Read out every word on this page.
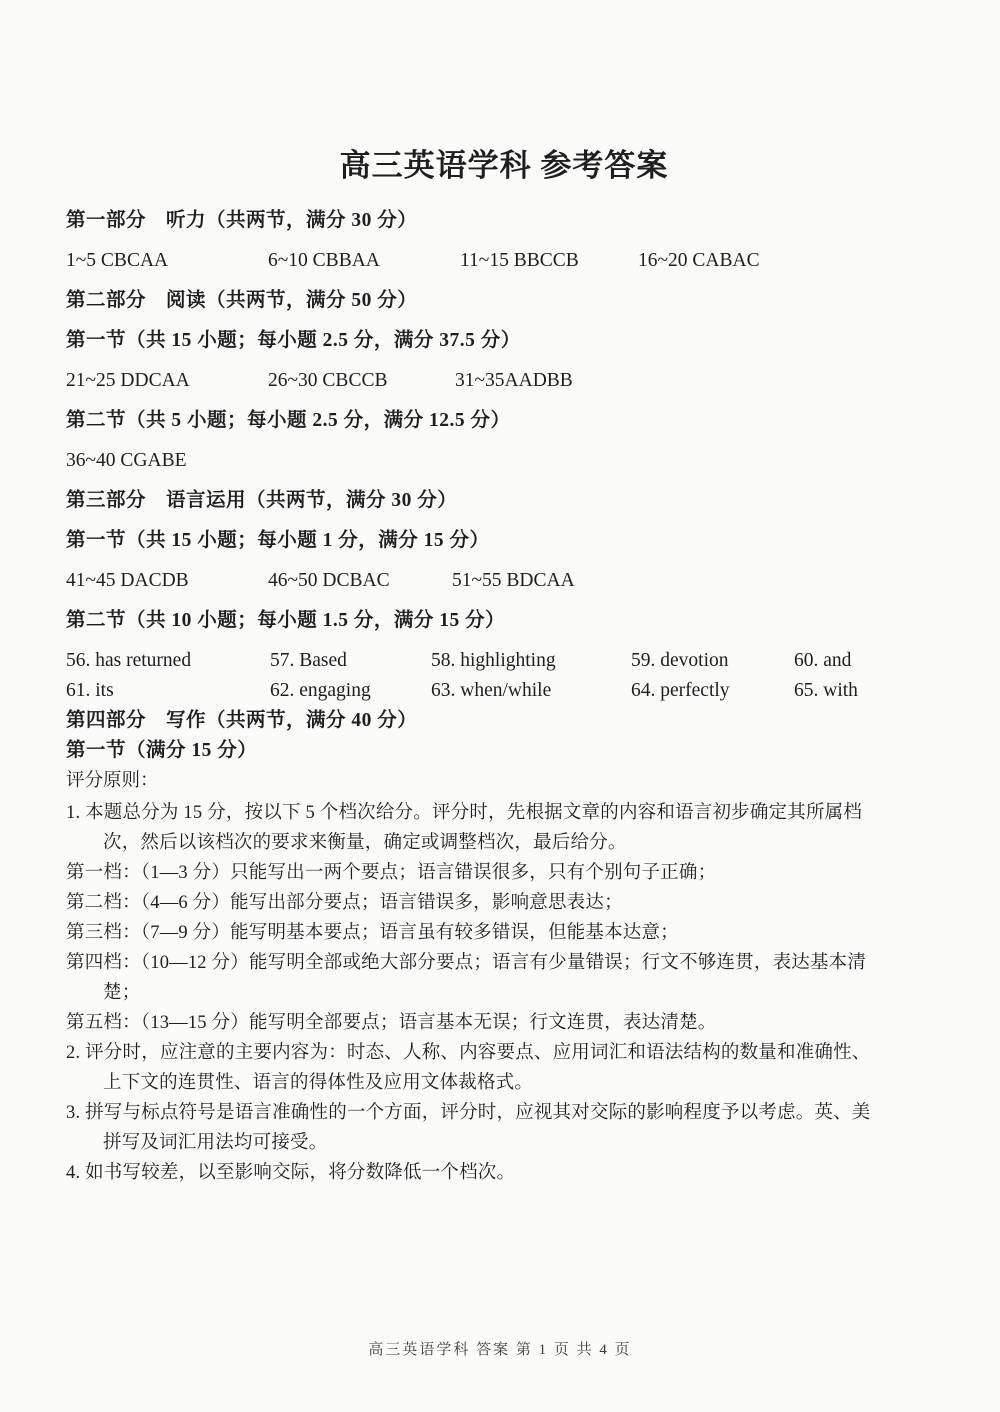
高三英语学科 参考答案
第一部分　听力（共两节，满分 30 分）
1~5 CBCAA	6~10 CBBAA	11~15 BBCCB	16~20 CABAC
第二部分　阅读（共两节，满分 50 分）
第一节（共 15 小题；每小题 2.5 分，满分 37.5 分）
21~25 DDCAA	26~30 CBCCB	31~35AADBB
第二节（共 5 小题；每小题 2.5 分，满分 12.5 分）
36~40 CGABE
第三部分　语言运用（共两节，满分 30 分）
第一节（共 15 小题；每小题 1 分，满分 15 分）
41~45 DACDB	46~50 DCBAC	51~55 BDCAA
第二节（共 10 小题；每小题 1.5 分，满分 15 分）
56. has returned	57. Based	58. highlighting	59. devotion	60. and
61. its	62. engaging	63. when/while	64. perfectly	65. with
第四部分　写作（共两节，满分 40 分）
第一节（满分 15 分）
评分原则：
1. 本题总分为 15 分，按以下 5 个档次给分。评分时，先根据文章的内容和语言初步确定其所属档
次，然后以该档次的要求来衡量，确定或调整档次，最后给分。
第一档：（1—3 分）只能写出一两个要点；语言错误很多，只有个别句子正确；
第二档：（4—6 分）能写出部分要点；语言错误多，影响意思表达；
第三档：（7—9 分）能写明基本要点；语言虽有较多错误，但能基本达意；
第四档：（10—12 分）能写明全部或绝大部分要点；语言有少量错误；行文不够连贯，表达基本清
楚；
第五档：（13—15 分）能写明全部要点；语言基本无误；行文连贯，表达清楚。
2. 评分时，应注意的主要内容为：时态、人称、内容要点、应用词汇和语法结构的数量和准确性、
上下文的连贯性、语言的得体性及应用文体裁格式。
3. 拼写与标点符号是语言准确性的一个方面，评分时，应视其对交际的影响程度予以考虑。英、美
拼写及词汇用法均可接受。
4. 如书写较差，以至影响交际，将分数降低一个档次。
高三英语学科 答案 第 1 页 共 4 页
